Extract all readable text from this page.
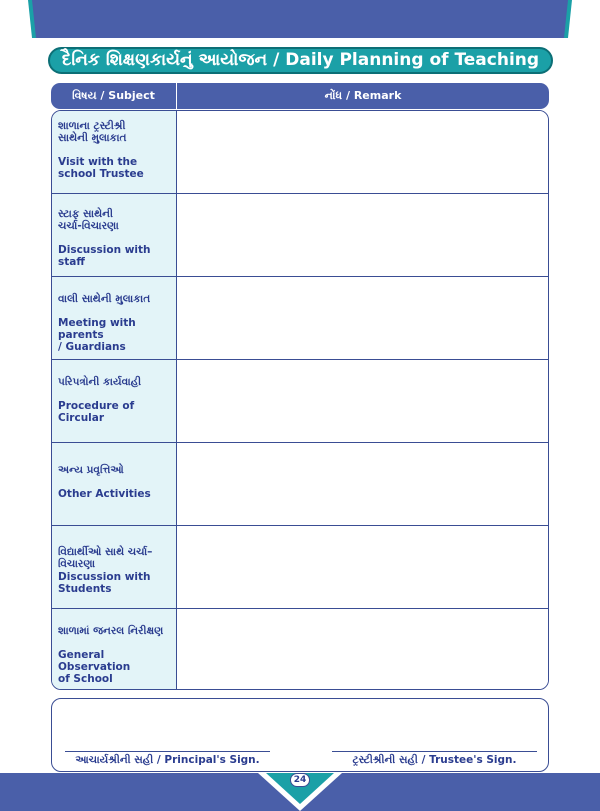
દૈનિક શિક્ષણકાર્યનું આયોજન / Daily Planning of Teaching
વિષય / Subject	નોંધ / Remark
શાળાના ટ્રસ્ટીશ્રી
સાથેની મુલાકાત
Visit with the
school Trustee
સ્ટાફ સાથેની
ચર્ચા-વિચારણા
Discussion with staff
વાલી સાથેની મુલાકાત
Meeting with parents
/ Guardians
પરિપત્રોની કાર્યવાહી
Procedure of
Circular
અન્ય પ્રવૃત્તિઓ
Other Activities
વિદ્યાર્થીઓ સાથે ચર્ચા–
વિચારણા
Discussion with
Students
શાળામાં જનરલ નિરીક્ષણ
General Observation
of School
આચાર્યશ્રીની સહી / Principal's Sign.	ટ્રસ્ટીશ્રીની સહી / Trustee's Sign.
24
